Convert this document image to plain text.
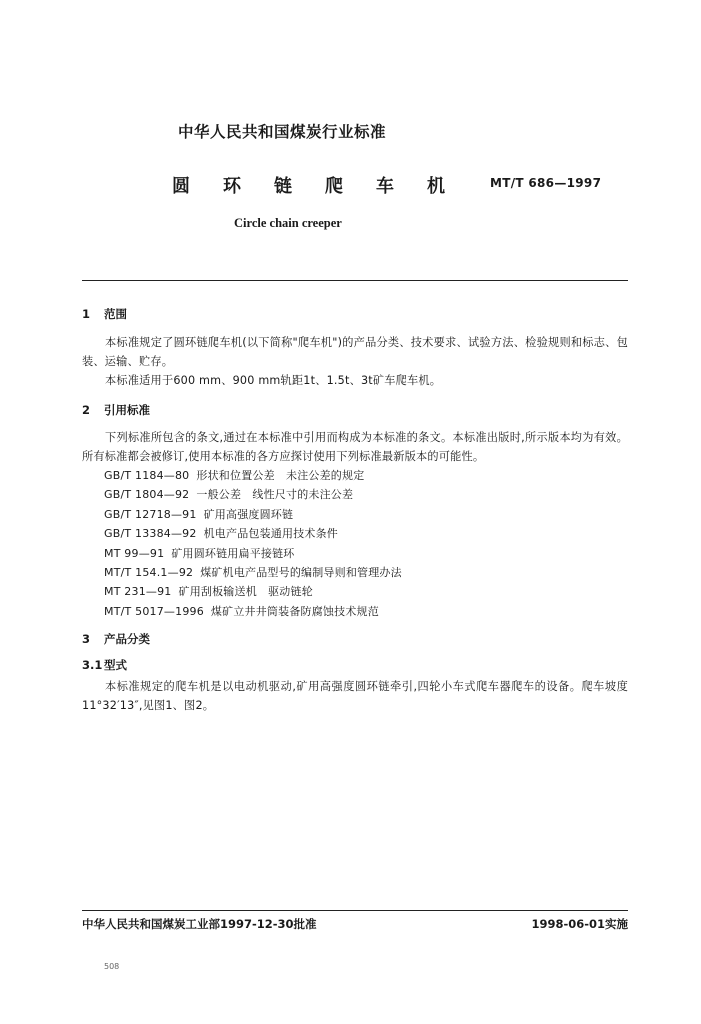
中华人民共和国煤炭行业标准
圆环链爬车机 MT/T 686—1997
Circle chain creeper
1 范围
本标准规定了圆环链爬车机(以下简称"爬车机")的产品分类、技术要求、试验方法、检验规则和标志、包装、运输、贮存。
本标准适用于600 mm、900 mm轨距1t、1.5t、3t矿车爬车机。
2 引用标准
下列标准所包含的条文,通过在本标准中引用而构成为本标准的条文。本标准出版时,所示版本均为有效。所有标准都会被修订,使用本标准的各方应探讨使用下列标准最新版本的可能性。
GB/T 1184—80 形状和位置公差　未注公差的规定
GB/T 1804—92 一般公差　线性尺寸的未注公差
GB/T 12718—91 矿用高强度圆环链
GB/T 13384—92 机电产品包装通用技术条件
MT 99—91 矿用圆环链用扁平接链环
MT/T 154.1—92 煤矿机电产品型号的编制导则和管理办法
MT 231—91 矿用刮板输送机　驱动链轮
MT/T 5017—1996 煤矿立井井筒装备防腐蚀技术规范
3 产品分类
3.1 型式
本标准规定的爬车机是以电动机驱动,矿用高强度圆环链牵引,四轮小车式爬车器爬车的设备。爬车坡度11°32′13″,见图1、图2。
中华人民共和国煤炭工业部1997-12-30批准	1998-06-01实施
508
